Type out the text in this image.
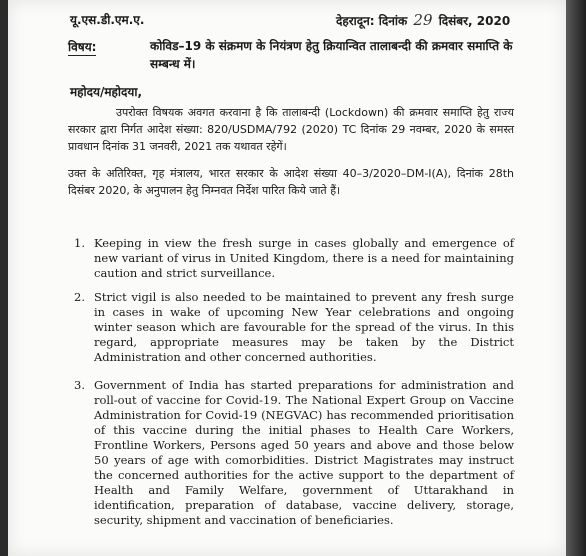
यू.एस.डी.एम.ए.	देहरादून: दिनांक 29 दिसंबर, 2020

विषय:	कोविड–19 के संक्रमण के नियंत्रण हेतु क्रियान्वित तालाबन्दी की क्रमवार समाप्ति के सम्बन्ध में।

महोदय/महोदया,

उपरोक्त विषयक अवगत करवाना है कि तालाबन्दी (Lockdown) की क्रमवार समाप्ति हेतु राज्य सरकार द्वारा निर्गत आदेश संख्या: 820/USDMA/792 (2020) TC दिनांक 29 नवम्बर, 2020 के समस्त प्रावधान दिनांक 31 जनवरी, 2021 तक यथावत रहेगें।

उक्त के अतिरिक्त, गृह मंत्रालय, भारत सरकार के आदेश संख्या 40–3/2020–DM-I(A), दिनांक 28th दिसंबर 2020, के अनुपालन हेतु निम्नवत निर्देश पारित किये जाते हैं।

1. Keeping in view the fresh surge in cases globally and emergence of new variant of virus in United Kingdom, there is a need for maintaining caution and strict surveillance.
2. Strict vigil is also needed to be maintained to prevent any fresh surge in cases in wake of upcoming New Year celebrations and ongoing winter season which are favourable for the spread of the virus. In this regard, appropriate measures may be taken by the District Administration and other concerned authorities.
3. Government of India has started preparations for administration and roll-out of vaccine for Covid-19. The National Expert Group on Vaccine Administration for Covid-19 (NEGVAC) has recommended prioritisation of this vaccine during the initial phases to Health Care Workers, Frontline Workers, Persons aged 50 years and above and those below 50 years of age with comorbidities. District Magistrates may instruct the concerned authorities for the active support to the department of Health and Family Welfare, government of Uttarakhand in identification, preparation of database, vaccine delivery, storage, security, shipment and vaccination of beneficiaries.
